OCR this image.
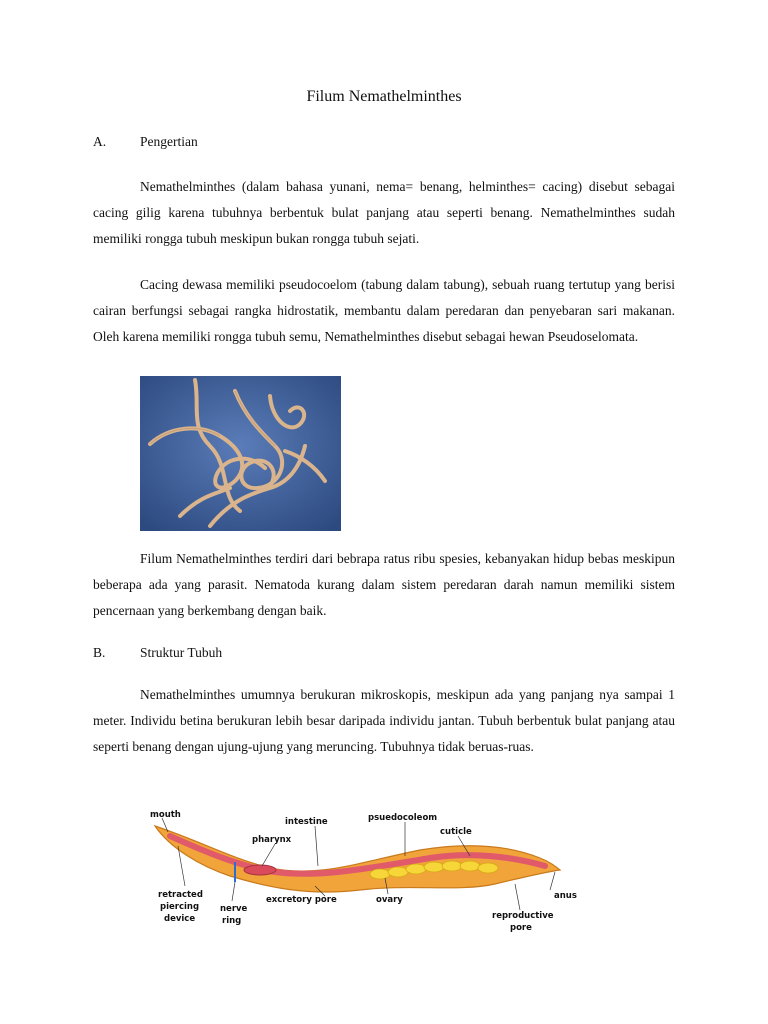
Filum Nemathelminthes
A.	Pengertian

Nemathelminthes (dalam bahasa yunani, nema= benang, helminthes= cacing) disebut sebagai cacing gilig karena tubuhnya berbentuk bulat panjang atau seperti benang. Nemathelminthes sudah memiliki rongga tubuh meskipun bukan rongga tubuh sejati.

Cacing dewasa memiliki pseudocoelom (tabung dalam tabung), sebuah ruang tertutup yang berisi cairan berfungsi sebagai rangka hidrostatik, membantu dalam peredaran dan penyebaran sari makanan. Oleh karena memiliki rongga tubuh semu, Nemathelminthes disebut sebagai hewan Pseudoselomata.

Filum Nemathelminthes terdiri dari bebrapa ratus ribu spesies, kebanyakan hidup bebas meskipun beberapa ada yang parasit. Nematoda kurang dalam sistem peredaran darah namun memiliki sistem pencernaan yang berkembang dengan baik.

B.	Struktur Tubuh

Nemathelminthes umumnya berukuran mikroskopis, meskipun ada yang panjang nya sampai 1 meter. Individu betina berukuran lebih besar daripada individu jantan. Tubuh berbentuk bulat panjang atau seperti benang dengan ujung-ujung yang meruncing. Tubuhnya tidak beruas-ruas.

mouth
intestine	psuedocoleom
cuticle
pharynx
retracted
piercing
device
nerve
ring
excretory pore	ovary	anus
reproductive
pore
